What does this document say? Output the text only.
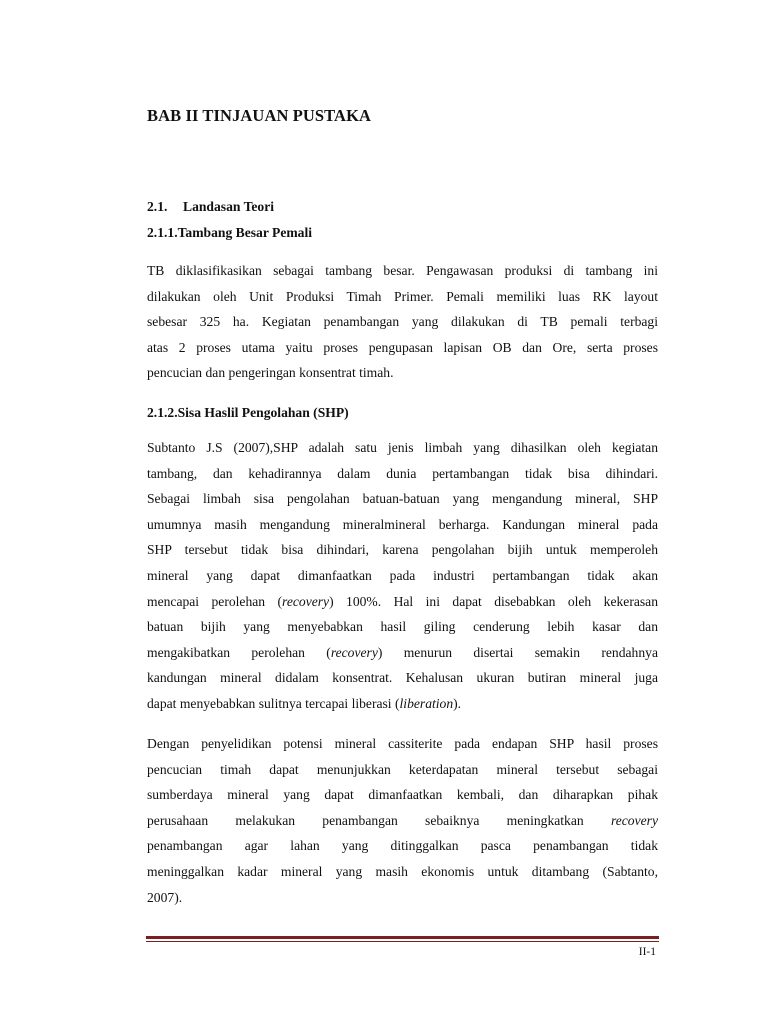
BAB II TINJAUAN PUSTAKA
2.1. Landasan Teori
2.1.1.Tambang Besar Pemali
TB diklasifikasikan sebagai tambang besar. Pengawasan produksi di tambang ini
dilakukan oleh Unit Produksi Timah Primer. Pemali memiliki luas RK layout
sebesar 325 ha. Kegiatan penambangan yang dilakukan di TB pemali terbagi
atas 2 proses utama yaitu proses pengupasan lapisan OB dan Ore, serta proses
pencucian dan pengeringan konsentrat timah.
2.1.2.Sisa Haslil Pengolahan (SHP)
Subtanto J.S (2007),SHP adalah satu jenis limbah yang dihasilkan oleh kegiatan
tambang, dan kehadirannya dalam dunia pertambangan tidak bisa dihindari.
Sebagai limbah sisa pengolahan batuan-batuan yang mengandung mineral, SHP
umumnya masih mengandung mineralmineral berharga. Kandungan mineral pada
SHP tersebut tidak bisa dihindari, karena pengolahan bijih untuk memperoleh
mineral yang dapat dimanfaatkan pada industri pertambangan tidak akan
mencapai perolehan (recovery) 100%. Hal ini dapat disebabkan oleh kekerasan
batuan bijih yang menyebabkan hasil giling cenderung lebih kasar dan
mengakibatkan perolehan (recovery) menurun disertai semakin rendahnya
kandungan mineral didalam konsentrat. Kehalusan ukuran butiran mineral juga
dapat menyebabkan sulitnya tercapai liberasi (liberation).
Dengan penyelidikan potensi mineral cassiterite pada endapan SHP hasil proses
pencucian timah dapat menunjukkan keterdapatan mineral tersebut sebagai
sumberdaya mineral yang dapat dimanfaatkan kembali, dan diharapkan pihak
perusahaan melakukan penambangan sebaiknya meningkatkan recovery
penambangan agar lahan yang ditinggalkan pasca penambangan tidak
meninggalkan kadar mineral yang masih ekonomis untuk ditambang (Sabtanto,
2007).
II-1
